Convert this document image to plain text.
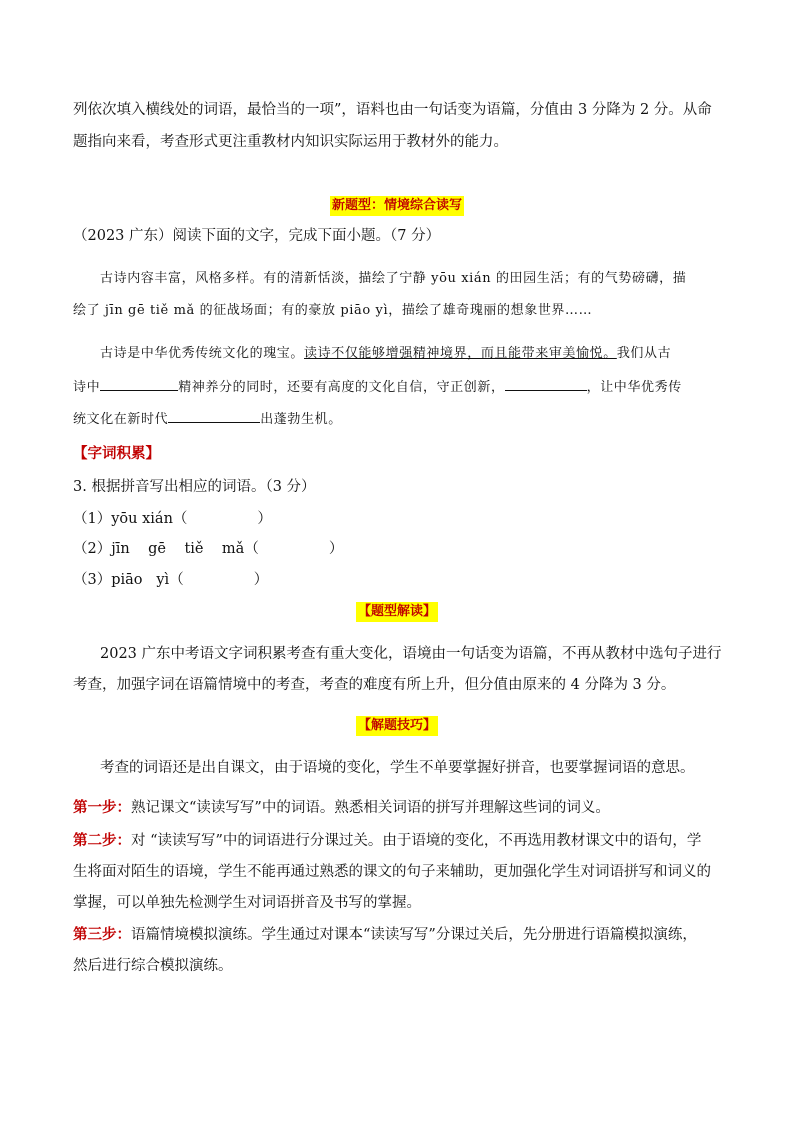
列依次填入横线处的词语，最恰当的一项”，语料也由一句话变为语篇，分值由 3 分降为 2 分。从命
题指向来看，考查形式更注重教材内知识实际运用于教材外的能力。
新题型：情境综合读写
（2023 广东）阅读下面的文字，完成下面小题。（7 分）
古诗内容丰富，风格多样。有的清新恬淡，描绘了宁静 yōu xián 的田园生活；有的气势磅礴，描
绘了 jīn gē tiě mǎ 的征战场面；有的豪放 piāo yì，描绘了雄奇瑰丽的想象世界……
古诗是中华优秀传统文化的瑰宝。读诗不仅能够增强精神境界，而且能带来审美愉悦。我们从古
诗中	精神养分的同时，还要有高度的文化自信，守正创新，	，让中华优秀传
统文化在新时代	出蓬勃生机。
【字词积累】
3. 根据拼音写出相应的词语。（3 分）
（1）yōu xián（	）
（2）jīn    gē    tiě    mǎ（	）
（3）piāo   yì（	）
【题型解读】
2023 广东中考语文字词积累考查有重大变化，语境由一句话变为语篇，不再从教材中选句子进行
考查，加强字词在语篇情境中的考查，考查的难度有所上升，但分值由原来的 4 分降为 3 分。
【解题技巧】
考查的词语还是出自课文，由于语境的变化，学生不单要掌握好拼音，也要掌握词语的意思。
第一步：熟记课文“读读写写”中的词语。熟悉相关词语的拼写并理解这些词的词义。
第二步：对 “读读写写”中的词语进行分课过关。由于语境的变化，不再选用教材课文中的语句，学
生将面对陌生的语境，学生不能再通过熟悉的课文的句子来辅助，更加强化学生对词语拼写和词义的
掌握，可以单独先检测学生对词语拼音及书写的掌握。
第三步：语篇情境模拟演练。学生通过对课本“读读写写”分课过关后，先分册进行语篇模拟演练，
然后进行综合模拟演练。
